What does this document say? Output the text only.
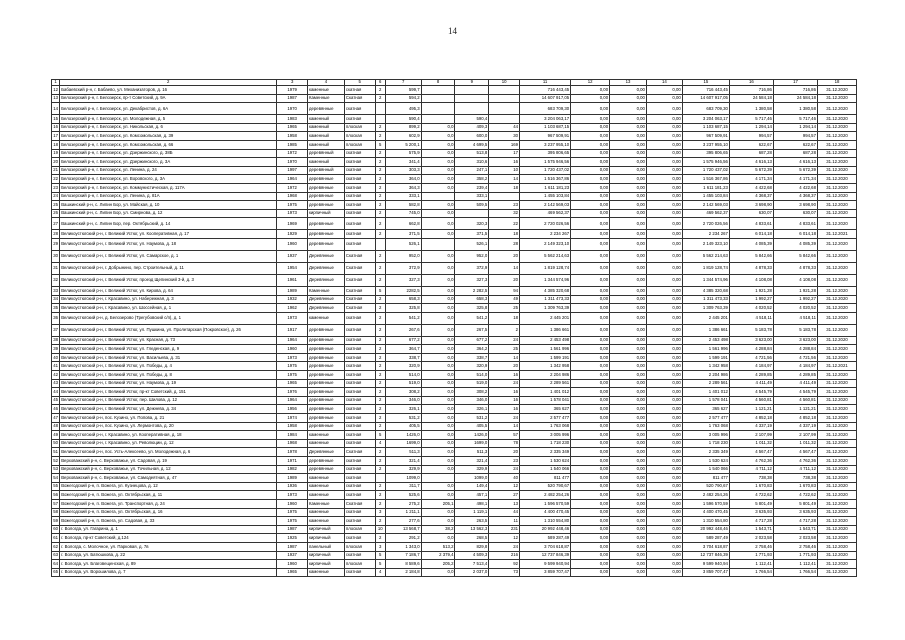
14
1	2	3	4	5	6	7	8	9	10	11	12	13	14	15	16	17	18
12	Бабаевский р-н, г. Бабаево, ул. Механизаторов, д. 16	1979	каменные	скатная	2	599,7				716 443,45	0,00	0,00	0,00	716 443,45	716,86	716,86	31.12.2020
13	Белозерский р-н, г. Белозерск, пр-т Советский, д. 9А	1987	Каменные	Скатная	2	594,2				14 607 917,05	0,00	0,00	0,00	14 607 917,05	24 584,18	24 584,18	31.12.2020
14	Белозерский р-н, г. Белозерск, ул. Декабристов, д. 6А	1970	деревянные	скатная		495,3				683 709,30	0,00	0,00	0,00	683 709,30	1 380,58	1 380,58	31.12.2020
15	Белозерский р-н, г. Белозерск, ул. Молодежная, д. 5	1983	каменный	скатная		590,4		590,4		3 204 063,17	0,00	0,00	0,00	3 204 063,17	5 717,46	5 717,46	31.12.2020
16	Белозерский р-н, г. Белозерск, ул. Никольская, д. 6	1965	каменный	плоская	2	899,2	0,0	409,3	44	1 103 687,15	0,00	0,00	0,00	1 103 687,15	1 294,14	1 294,14	31.12.2020
17	Белозерский р-н, г. Белозерск, ул. Комсомольская, д. 39	1958	каменный	плоская	2	602,9	0,0	600,0	30	967 509,91	0,00	0,00	0,00	967 509,91	994,57	994,57	31.12.2020
18	Белозерский р-н, г. Белозерск, ул. Комсомольская, д. 66	1985	каменный	плоская	5	5 200,1	0,0	4 699,5	169	3 237 955,10	0,00	0,00	0,00	3 237 955,10	622,67	622,67	31.12.2020
19	Белозерский р-н, г. Белозерск, ул. Дзержинского, д. 38Б	1972	деревянный	скатная	2	575,9	0,0	513,8	17	395 806,65	0,00	0,00	0,00	395 806,65	687,28	687,28	31.12.2020
20	Белозерский р-н, г. Белозерск, ул. Дзержинского, д. 3А	1970	каменный	скатная	2	341,4	0,0	310,6	16	1 575 946,56	0,00	0,00	0,00	1 575 946,56	4 616,13	4 616,13	31.12.2020
21	Белозерский р-н, г. Белозерск, ул. Ленина, д. 24	1997	деревянный	скатная	2	303,3	0,0	247,1	10	1 720 437,02	0,00	0,00	0,00	1 720 437,02	5 672,39	5 672,39	31.12.2020
22	Белозерский р-н, г. Белозерск, ул. Воровского, д. 3А	1964	деревянные	скатная	2	364,0	0,0	358,2	14	1 516 367,86	0,00	0,00	0,00	1 516 367,86	4 171,34	4 171,34	31.12.2020
23	Белозерский р-н, г. Белозерск, ул. Коммунистическая, д. 117А	1972	деревянные	скатная	2	364,3	0,0	239,4	18	1 611 181,23	0,00	0,00	0,00	1 611 181,23	4 422,68	4 422,68	31.12.2020
24	Белозерский р-н, г. Белозерск, ул. Ленина, д. 81А	1968	деревянные	скатная	2	333,1		333,1		1 455 103,84	0,00	0,00	0,00	1 455 103,84	4 368,37	4 368,37	31.12.2020
25	Вашкинский р-н, с. Липин Бор, ул. Майская, д. 10	1975	деревянные	скатная	2	582,8	0,0	509,5	23	2 142 569,03	0,00	0,00	0,00	2 142 569,03	3 698,90	3 698,90	31.12.2020
26	Вашкинский р-н, с. Липин Бор, ул. Смирнова, д. 12	1973	кирпичный	скатная	2	745,0	0,0		32	469 562,37	0,00	0,00	0,00	469 562,37	630,07	630,07	31.12.2020
27	Вашкинский р-н, с. Липин Бор, пер. Октябрьский, д. 14	1969	деревянные	скатная	2	662,8	0,0	320,3	22	2 720 026,56	0,00	0,00	0,00	2 720 026,56	4 833,61	4 833,61	31.12.2020
28	Великоустюгский р-н, г. Великий Устюг, ул. Кооперативная, д. 17	1929	деревянные	скатная	2	371,5	0,0	371,5	18	2 234 267	0,00	0,00	0,00	2 234 267	6 014,18	6 014,18	31.12.2021
29	Великоустюгский р-н, г. Великий Устюг, ул. Наумова, д. 18	1960	деревянные	скатная		526,1		526,1	28	2 149 323,10	0,00	0,00	0,00	2 149 323,10	4 085,39	4 085,39	31.12.2020
30	Великоустюгский р-н, г. Великий Устюг, ул. Самарское, д. 1	1937	Деревянные	Скатная	2	952,0	0,0	952,0	20	5 562 214,63	0,00	0,00	0,00	5 562 214,63	5 842,66	5 842,66	31.12.2020
31	Великоустюгский р-н, г. Добрынино, пер. Строительный, д. 11	1954	Деревянные	Скатная	2	372,9	0,0	372,9	14	1 819 128,74	0,00	0,00	0,00	1 819 128,74	4 878,33	4 878,33	31.12.2020
32	Великоустюгский р-н, г. Великий Устюг, проезд Щепинский 3-й, д. 3	1961	Деревянные	Скатная	2	327,3	0,0	327,3	20	1 344 574,96	0,00	0,00	0,00	1 344 574,96	4 108,08	4 108,08	31.12.2020
33	Великоустюгский р-н, г. Великий Устюг, ул. Кирова, д. 64	1989	Каменные	Скатная	5	2282,5	0,0	2 282,5	94	4 385 320,68	0,00	0,00	0,00	4 385 320,68	1 921,28	1 921,28	31.12.2020
34	Великоустюгский р-н, г. Красавино, ул. Набережная, д. 3	1932	Деревянные	Скатная	2	658,3	0,0	658,3	49	1 311 473,33	0,00	0,00	0,00	1 311 473,33	1 992,27	1 992,27	31.12.2020
35	Великоустюгский р-н, г. Красавино, ул. Шоссейная, д. 1	1962	Деревянные	Скатная	2	325,8	0,0	325,8	25	1 309 763,39	0,00	0,00	0,00	1 309 763,39	4 020,52	4 020,52	31.12.2020
36	Великоустюгский р-н, д. Белозерово (Трегубовский с/п), д. 1	1973	каменные	скатная	2	541,2	0,0	541,2	18	2 445 201	0,00	0,00	0,00	2 445 201	4 518,11	4 518,11	31.12.2020
37	Великоустюгский р-н, г. Великий Устюг, ул. Пушкина, ул. Пролетарская (Покровское), д. 26	1917	деревянные	скатная	2	267,6	0,0	267,5	2	1 386 661	0,00	0,00	0,00	1 386 661	5 183,78	5 183,78	31.12.2020
38	Великоустюгский р-н, г. Великий Устюг, ул. Красная, д. 73	1964	деревянные	скатная	2	677,2	0,0	677,2	24	2 453 498	0,00	0,00	0,00	2 453 498	3 623,00	3 623,00	31.12.2020
39	Великоустюгский р-н, г. Великий Устюг, ул. Гледенская, д. 9	1960	деревянные	скатная	2	364,7	0,0	364,2	25	1 561 996	0,00	0,00	0,00	1 561 996	4 288,84	4 288,84	31.12.2020
40	Великоустюгский р-н, г. Великий Устюг, ул. Васильева, д. 31	1973	деревянные	скатная	2	338,7	0,0	338,7	14	1 599 191	0,00	0,00	0,00	1 599 191	4 721,56	4 721,56	31.12.2020
41	Великоустюгский р-н, г. Великий Устюг, ул. Победы, д. 4	1975	деревянные	скатная	2	320,9	0,0	320,9	20	1 342 958	0,00	0,00	0,00	1 342 958	4 184,97	4 184,97	31.12.2021
42	Великоустюгский р-н, г. Великий Устюг, ул. Победы, д. 8	1975	деревянные	скатная	2	514,0	0,0	514,0	16	2 204 986	0,00	0,00	0,00	2 204 986	4 289,85	4 289,85	31.12.2020
43	Великоустюгский р-н, г. Великий Устюг, ул. Наумова, д. 19	1965	деревянные	скатная	2	519,0	0,0	519,0	24	2 289 561	0,00	0,00	0,00	2 289 561	4 411,49	4 411,49	31.12.2020
44	Великоустюгский р-н, г. Великий Устюг, пр-кт Советский, д. 151	1976	деревянные	скатная	2	308,2	0,0	308,2	16	1 401 012	0,00	0,00	0,00	1 401 012	4 545,79	4 545,79	31.12.2020
45	Великоустюгский р-н, г. Великий Устюг, пер. Шилова, д. 12	1964	деревянные	скатная	2	346,0	0,0	346,0	16	1 578 041	0,00	0,00	0,00	1 578 041	4 560,81	4 560,81	31.12.2020
46	Великоустюгский р-н, г. Великий Устюг, ул. Дежнева, д. 34	1956	деревянные	скатная	2	326,1	0,0	326,1	16	365 627	0,00	0,00	0,00	365 627	1 121,21	1 121,21	31.12.2020
47	Великоустюгский р-н, пос. Кузино, ул. Попова, д. 21	1974	деревянные	скатная	2	531,2	0,0	531,2	24	2 577 477	0,00	0,00	0,00	2 577 477	4 852,18	4 852,18	31.12.2020
48	Великоустюгский р-н, пос. Кузино, ул. Лермонтова, д. 20	1958	деревянные	скатная	2	405,5	0,0	405,5	14	1 763 068	0,00	0,00	0,00	1 763 068	4 337,19	4 337,19	31.12.2020
49	Великоустюгский р-н, г. Красавино, ул. Кооперативная, д. 18	1984	каменные	скатная	5	1426,0	0,0	1426,0	57	3 005 996	0,00	0,00	0,00	3 005 996	2 107,99	2 107,99	31.12.2020
50	Великоустюгский р-н, г. Красавино, ул. Революции, д. 12	1968	каменные	скатная	4	1699,0	0,0	1699,0	78	1 718 230	0,00	0,00	0,00	1 718 230	1 011,32	1 011,32	31.12.2020
51	Великоустюгский р-н, пос. Усть-Алексеево, ул. Молодежная, д. 6	1978	Деревянные	Скатная	2	511,3	0,0	511,3	20	2 335 349	0,00	0,00	0,00	2 335 349	4 567,47	4 567,47	31.12.2020
52	Верховажский р-н, с. Верховажье, ул. Садовая, д. 19	1971	деревянные	скатная	2	321,4	0,0	321,4	23	1 530 624	0,00	0,00	0,00	1 530 624	4 762,36	4 762,36	31.12.2020
53	Верховажский р-н, с. Верховажье, ул. Точильная, д. 12	1982	деревянные	скатная	2	329,9	0,0	329,9	24	1 540 066	0,00	0,00	0,00	1 540 066	4 711,12	4 711,12	31.12.2020
54	Верховажский р-н, с. Верховажье, ул. Самодеятная, д. 47	1989	каменные	скатная		1099,0		1099,0	40	811 477	0,00	0,00	0,00	811 477	738,38	738,38	31.12.2020
55	Вожегодский р-н, п. Вожега, ул. Кузнецова, д. 12	1936	каменные	скатная	2	311,7	0,0	149,4	12	520 790,67	0,00	0,00	0,00	520 790,67	1 670,83	1 670,83	31.12.2020
56	Вожегодский р-н, п. Вожега, ул. Октябрьская, д. 11	1973	каменные	скатная	2	525,6	0,0	457,1	27	2 482 254,26	0,00	0,00	0,00	2 482 254,26	4 722,62	4 722,62	31.12.2020
57	Вожегодский р-н, п. Вожега, ул. Транспортная, д. 24	1960	Каменные	Скатная	2	275,2	205,1	498,1	13	1 596 570,59	0,00	0,00	0,00	1 596 570,59	5 801,49	5 801,49	31.12.2020
58	Вожегодский р-н, п. Вожега, ул. Октябрьская, д. 16	1975	каменные	скатная	3	1 211,1	0,0	1 119,1	44	4 400 470,45	0,00	0,00	0,00	4 400 470,45	3 635,93	3 635,93	31.12.2020
59	Вожегодский р-н, п. Вожега, ул. Садовая, д. 33	1975	каменные	скатная	2	277,6	0,0	263,5	11	1 310 554,80	0,00	0,00	0,00	1 310 554,80	4 717,28	4 717,28	31.12.2020
60	г. Вологда, ул. Гагарина, д. 1	1987	кирпичный	плоская	10	13 568,7	38,2	13 562,3	231	20 992 448,46	0,00	0,00	0,00	20 992 448,46	1 543,71	1 543,71	31.12.2020
61	г. Вологда, пр-кт Советский, д.124	1925	кирпичный	скатная	2	291,2	0,0	268,5	12	589 287,49	0,00	0,00	0,00	589 287,49	2 023,58	2 023,58	31.12.2020
62	г. Вологда, с. Молочное, ул. Парковая, д. 7в	1987	панельный	плоская	3	1 343,0	513,2	829,8	24	3 704 618,87	0,00	0,00	0,00	3 704 618,87	2 758,46	2 758,46	31.12.2020
63	г. Вологда, ул. Батюшкова, д. 22	1937	кирпичный	скатная	5	7 186,7	2 379,4	4 509,3	216	12 737 846,39	0,00	0,00	0,00	12 737 846,39	1 771,93	1 771,93	31.12.2020
64	г. Вологда, ул. Благовещенская, д. 89	1960	кирпичный	плоская	5	8 589,6	205,2	7 513,4	92	9 599 940,94	0,00	0,00	0,00	9 599 940,94	1 112,41	1 112,41	31.12.2020
65	г. Вологда, ул. Ворошилова, д. 7	1965	каменные	скатная	4	2 184,8	0,0	2 037,0	73	3 859 707,47	0,00	0,00	0,00	3 859 707,47	1 766,54	1 766,54	31.12.2020
